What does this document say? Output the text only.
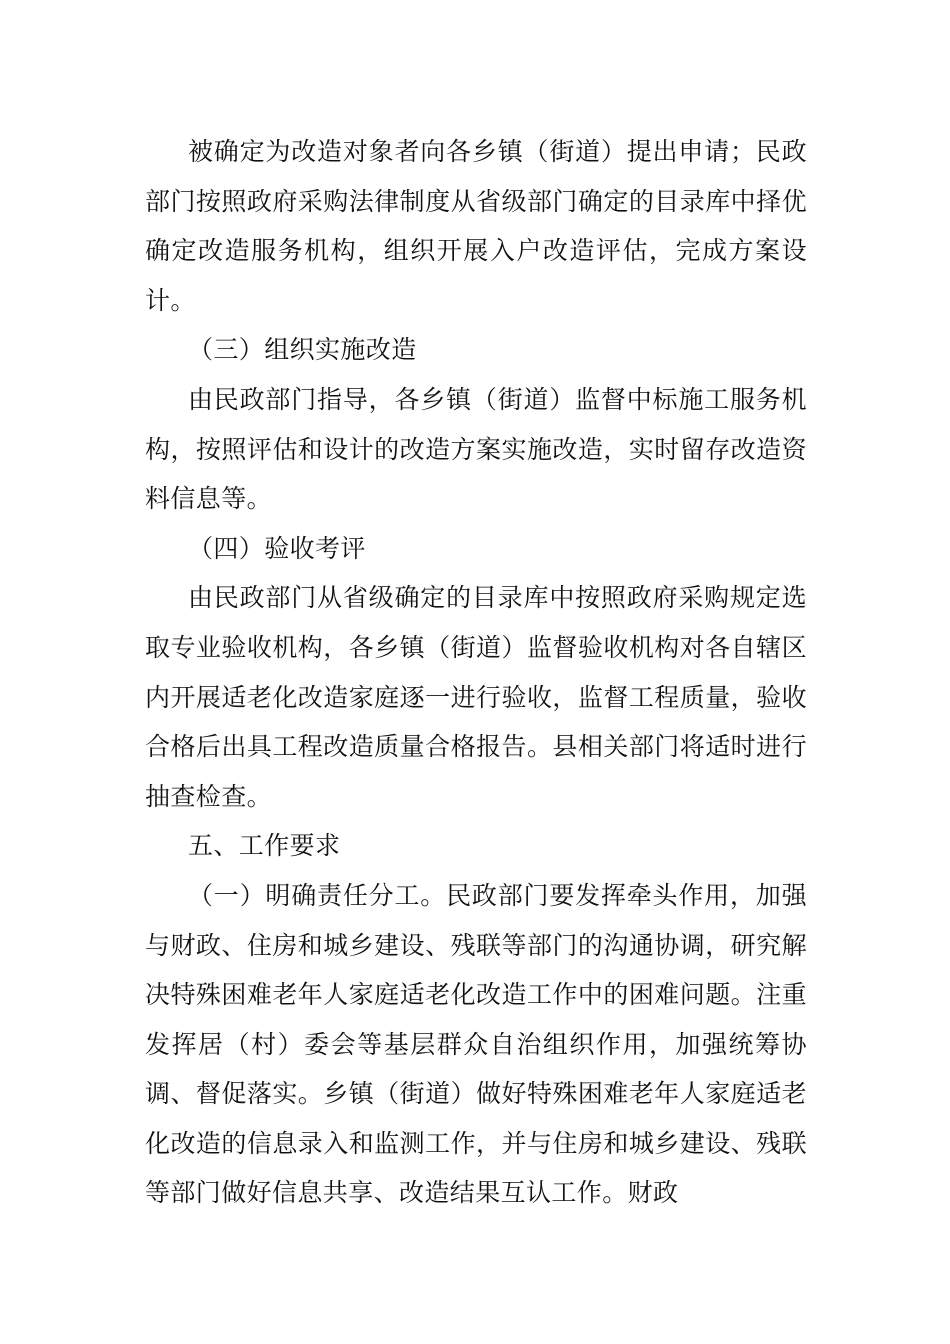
被确定为改造对象者向各乡镇（街道）提出申请；民政部门按照政府采购法律制度从省级部门确定的目录库中择优确定改造服务机构，组织开展入户改造评估，完成方案设计。

（三）组织实施改造

由民政部门指导，各乡镇（街道）监督中标施工服务机构，按照评估和设计的改造方案实施改造，实时留存改造资料信息等。

（四）验收考评

由民政部门从省级确定的目录库中按照政府采购规定选取专业验收机构，各乡镇（街道）监督验收机构对各自辖区内开展适老化改造家庭逐一进行验收，监督工程质量，验收合格后出具工程改造质量合格报告。县相关部门将适时进行抽查检查。

五、工作要求

（一）明确责任分工。民政部门要发挥牵头作用，加强与财政、住房和城乡建设、残联等部门的沟通协调，研究解决特殊困难老年人家庭适老化改造工作中的困难问题。注重发挥居（村）委会等基层群众自治组织作用，加强统筹协调、督促落实。乡镇（街道）做好特殊困难老年人家庭适老化改造的信息录入和监测工作，并与住房和城乡建设、残联等部门做好信息共享、改造结果互认工作。财政
